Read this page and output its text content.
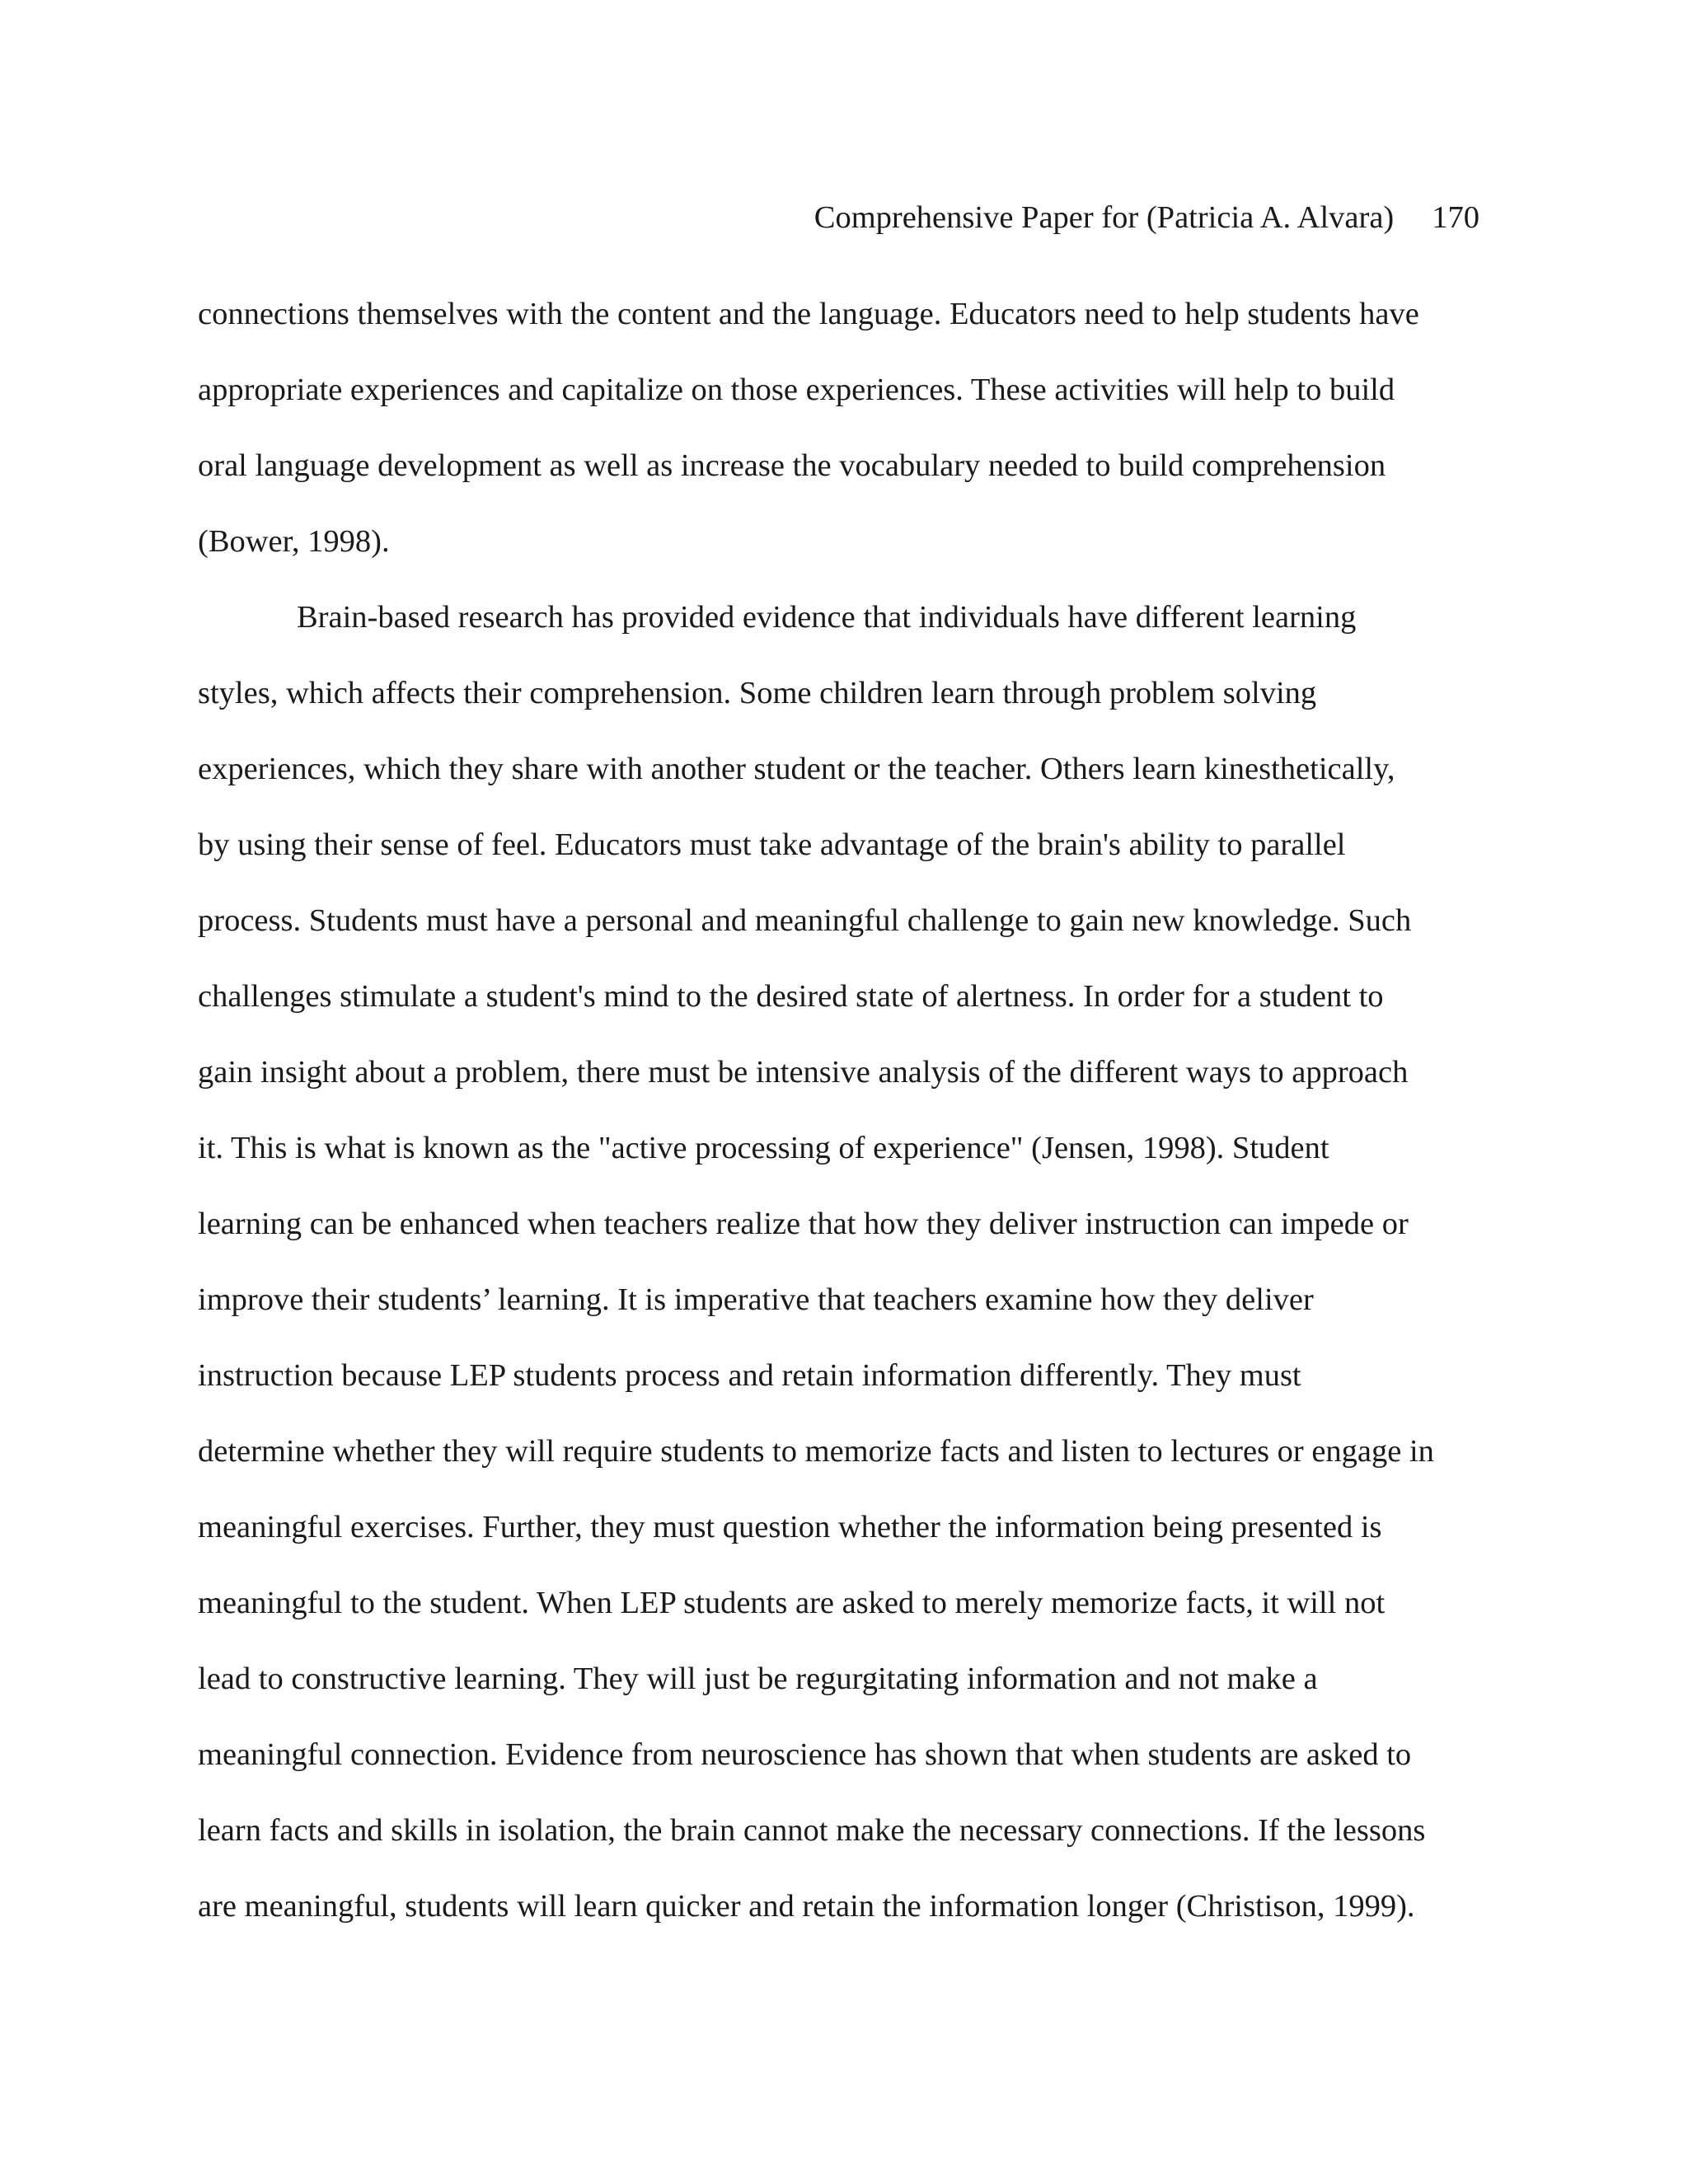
Comprehensive Paper for (Patricia A. Alvara) 170
connections themselves with the content and the language. Educators need to help students have
appropriate experiences and capitalize on those experiences. These activities will help to build
oral language development as well as increase the vocabulary needed to build comprehension
(Bower, 1998).
Brain-based research has provided evidence that individuals have different learning
styles, which affects their comprehension. Some children learn through problem solving
experiences, which they share with another student or the teacher. Others learn kinesthetically,
by using their sense of feel. Educators must take advantage of the brain's ability to parallel
process. Students must have a personal and meaningful challenge to gain new knowledge. Such
challenges stimulate a student's mind to the desired state of alertness. In order for a student to
gain insight about a problem, there must be intensive analysis of the different ways to approach
it. This is what is known as the "active processing of experience" (Jensen, 1998). Student
learning can be enhanced when teachers realize that how they deliver instruction can impede or
improve their students’ learning. It is imperative that teachers examine how they deliver
instruction because LEP students process and retain information differently. They must
determine whether they will require students to memorize facts and listen to lectures or engage in
meaningful exercises. Further, they must question whether the information being presented is
meaningful to the student. When LEP students are asked to merely memorize facts, it will not
lead to constructive learning. They will just be regurgitating information and not make a
meaningful connection. Evidence from neuroscience has shown that when students are asked to
learn facts and skills in isolation, the brain cannot make the necessary connections. If the lessons
are meaningful, students will learn quicker and retain the information longer (Christison, 1999).
